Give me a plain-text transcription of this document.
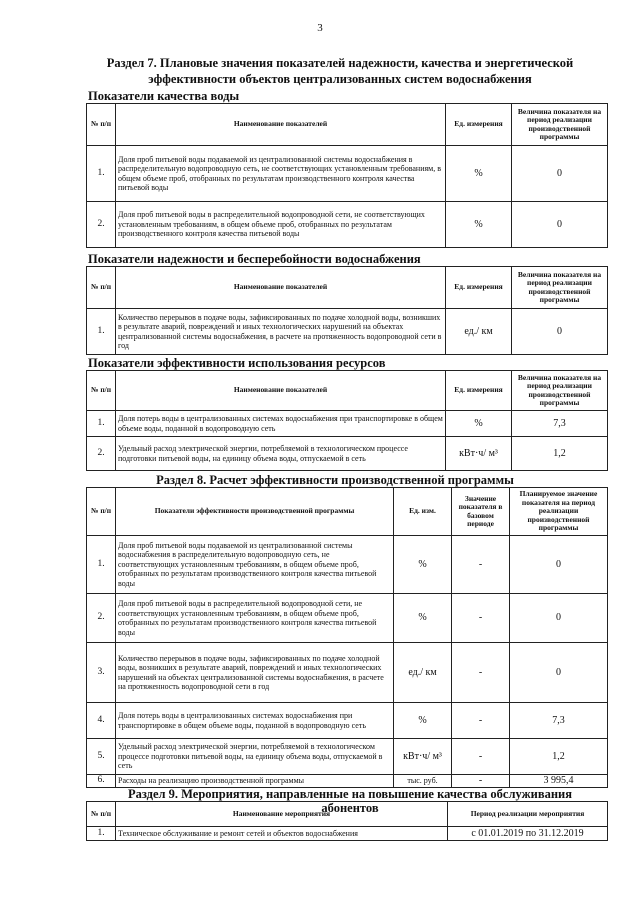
3
Раздел 7. Плановые значения показателей надежности, качества и энергетической
эффективности объектов централизованных систем водоснабжения
Показатели качества воды
№ п/п	Наименование показателей	Ед. измерения	Величина показателя на период реализации производственной программы
1.	Доля проб питьевой воды подаваемой из централизованной системы водоснабжения в распределительную водопроводную сеть, не соответствующих установленным требованиям, в общем объеме проб, отобранных по результатам производственного контроля качества питьевой воды	%	0
2.	Доля проб питьевой воды в распределительной водопроводной сети, не соответствующих установленным требованиям, в общем объеме проб, отобранных по результатам производственного контроля качества питьевой воды	%	0
Показатели надежности и бесперебойности водоснабжения
№ п/п	Наименование показателей	Ед. измерения	Величина показателя на период реализации производственной программы
1.	Количество перерывов в подаче воды, зафиксированных по подаче холодной воды, возникших в результате аварий, повреждений и иных технологических нарушений на объектах централизованной системы водоснабжения, в расчете на протяженность водопроводной сети в год	ед./ км	0
Показатели эффективности использования ресурсов
№ п/п	Наименование показателей	Ед. измерения	Величина показателя на период реализации производственной программы
1.	Доля потерь воды в централизованных системах водоснабжения при транспортировке в общем объеме воды, поданной в водопроводную сеть	%	7,3
2.	Удельный расход электрической энергии, потребляемой в технологическом процессе подготовки питьевой воды, на единицу объема воды, отпускаемой в сеть	кВт·ч/ м³	1,2
Раздел 8. Расчет эффективности производственной программы
№ п/п	Показатели эффективности производственной программы	Ед. изм.	Значение показателя в базовом периоде	Планируемое значение показателя на период реализации производственной программы
1.	Доля проб питьевой воды подаваемой из централизованной системы водоснабжения в распределительную водопроводную сеть, не соответствующих установленным требованиям, в общем объеме проб, отобранных по результатам производственного контроля качества питьевой воды	%	-	0
2.	Доля проб питьевой воды в распределительной водопроводной сети, не соответствующих установленным требованиям, в общем объеме проб, отобранных по результатам производственного контроля качества питьевой воды	%	-	0
3.	Количество перерывов в подаче воды, зафиксированных по подаче холодной воды, возникших в результате аварий, повреждений и иных технологических нарушений на объектах централизованной системы водоснабжения, в расчете на протяженность водопроводной сети в год	ед./ км	-	0
4.	Доля потерь воды в централизованных системах водоснабжения при транспортировке в общем объеме воды, поданной в водопроводную сеть	%	-	7,3
5.	Удельный расход электрической энергии, потребляемой в технологическом процессе подготовки питьевой воды, на единицу объема воды, отпускаемой в сеть	кВт·ч/ м³	-	1,2
6.	Расходы на реализацию производственной программы	тыс. руб.	-	3 995,4
Раздел 9. Мероприятия, направленные на повышение качества обслуживания абонентов
№ п/п	Наименование мероприятия	Период реализации мероприятия
1.	Техническое обслуживание и ремонт сетей и объектов водоснабжения	с 01.01.2019 по 31.12.2019
